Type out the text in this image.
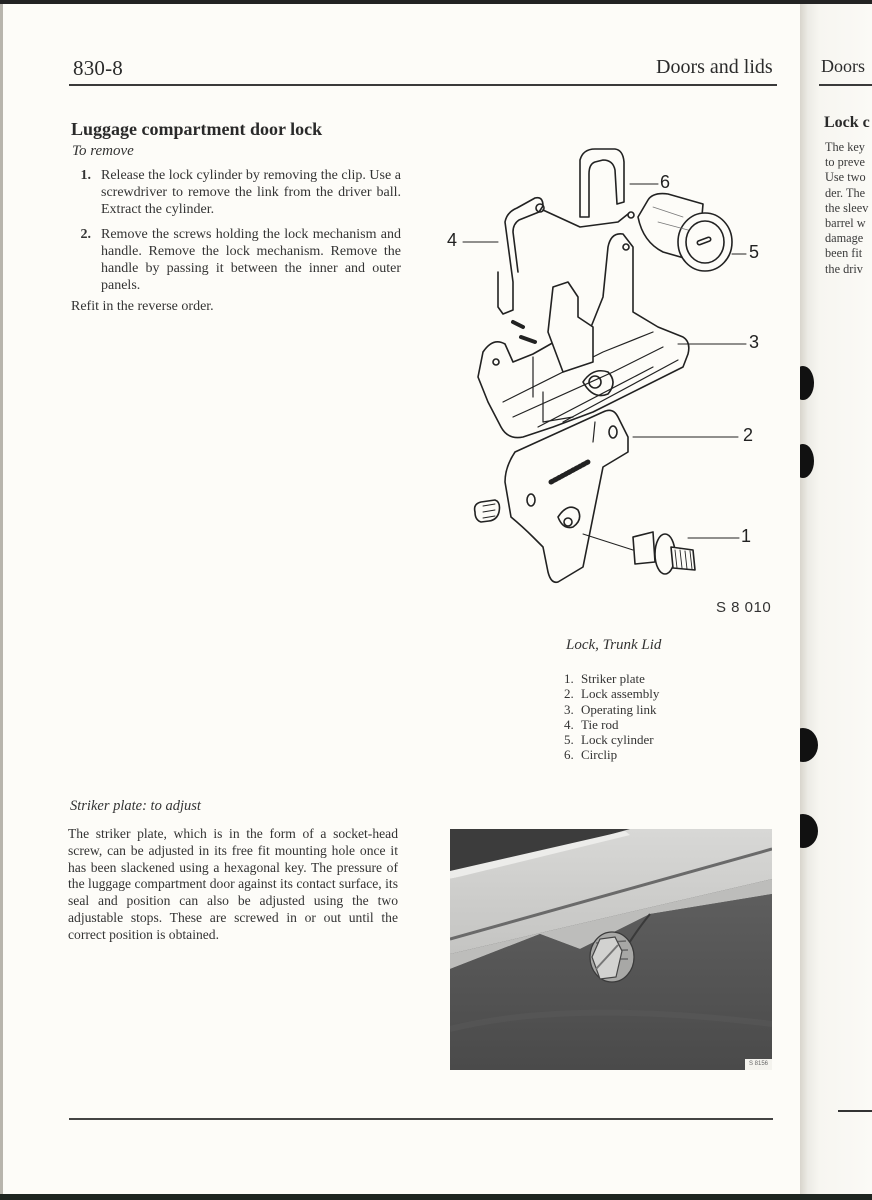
830-8	Doors and lids
Luggage compartment door lock
To remove
1. Release the lock cylinder by removing the clip. Use a screwdriver to remove the link from the driver ball. Extract the cylinder.
2. Remove the screws holding the lock mechanism and handle. Remove the lock mechanism. Remove the handle by passing it between the inner and outer panels.
Refit in the reverse order.
6
4
5
3
2
1
S 8 010
Lock, Trunk Lid
1. Striker plate
2. Lock assembly
3. Operating link
4. Tie rod
5. Lock cylinder
6. Circlip
Striker plate: to adjust
The striker plate, which is in the form of a socket-head screw, can be adjusted in its free fit mounting hole once it has been slackened using a hexagonal key. The pressure of the luggage compartment door against its contact surface, its seal and position can also be adjusted using the two adjustable stops. These are screwed in or out until the correct position is obtained.
S 8156
Doors
Lock c
The key
to preve
Use two
der. The
the sleev
barrel w
damage
been fit
the driv
